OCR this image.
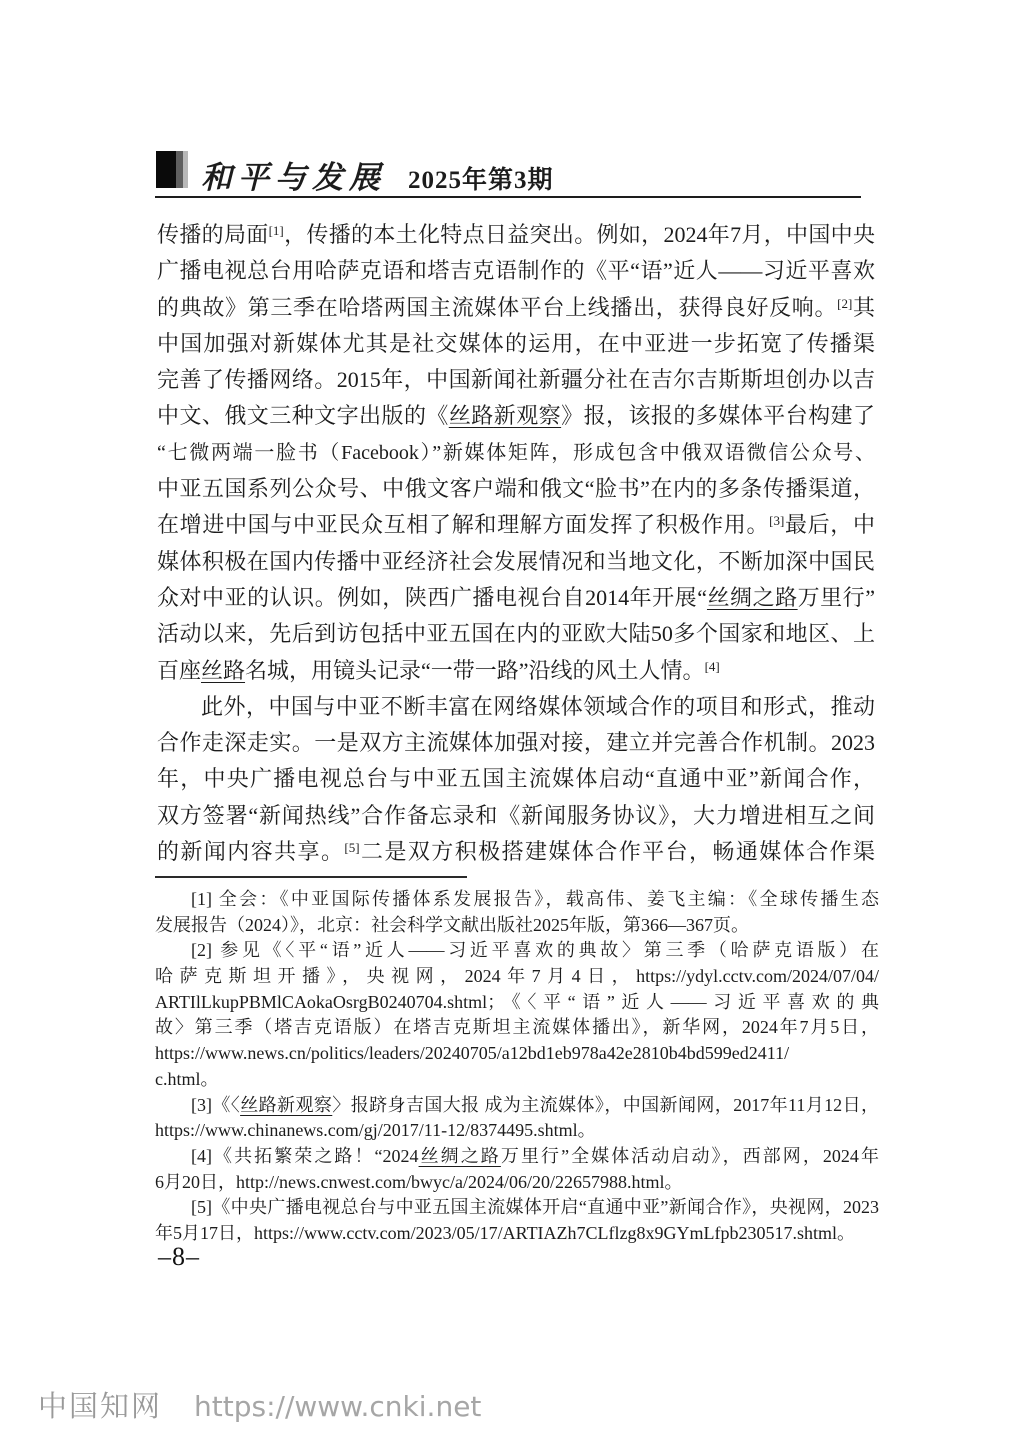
和平与发展 2025年第3期
传播的局面[1]，传播的本土化特点日益突出。例如，2024年7月，中国中央
广播电视总台用哈萨克语和塔吉克语制作的《平“语”近人——习近平喜欢
的典故》第三季在哈塔两国主流媒体平台上线播出，获得良好反响。[2]其
中国加强对新媒体尤其是社交媒体的运用，在中亚进一步拓宽了传播渠
完善了传播网络。2015年，中国新闻社新疆分社在吉尔吉斯斯坦创办以吉
中文、俄文三种文字出版的《丝路新观察》报，该报的多媒体平台构建了
“七微两端一脸书（Facebook）”新媒体矩阵，形成包含中俄双语微信公众号、
中亚五国系列公众号、中俄文客户端和俄文“脸书”在内的多条传播渠道，
在增进中国与中亚民众互相了解和理解方面发挥了积极作用。[3]最后，中
媒体积极在国内传播中亚经济社会发展情况和当地文化，不断加深中国民
众对中亚的认识。例如，陕西广播电视台自2014年开展“丝绸之路万里行”
活动以来，先后到访包括中亚五国在内的亚欧大陆50多个国家和地区、上
百座丝路名城，用镜头记录“一带一路”沿线的风土人情。[4]
此外，中国与中亚不断丰富在网络媒体领域合作的项目和形式，推动
合作走深走实。一是双方主流媒体加强对接，建立并完善合作机制。2023
年，中央广播电视总台与中亚五国主流媒体启动“直通中亚”新闻合作，
双方签署“新闻热线”合作备忘录和《新闻服务协议》，大力增进相互之间
的新闻内容共享。[5]二是双方积极搭建媒体合作平台，畅通媒体合作渠
[1] 全会：《中亚国际传播体系发展报告》，载高伟、姜飞主编：《全球传播生态
发展报告（2024）》，北京：社会科学文献出版社2025年版，第366—367页。
[2] 参见《〈平“语”近人——习近平喜欢的典故〉第三季（哈萨克语版）在
哈萨克斯坦开播》，央视网，2024年7月4日，https://ydyl.cctv.com/2024/07/04/
ARTIlLkupPBMlCAokaOsrgB0240704.shtml；《〈平“语”近人——习近平喜欢的典
故〉第三季（塔吉克语版）在塔吉克斯坦主流媒体播出》，新华网，2024年7月5日，
https://www.news.cn/politics/leaders/20240705/a12bd1eb978a42e2810b4bd599ed2411/
c.html。
[3]《〈丝路新观察〉报跻身吉国大报 成为主流媒体》，中国新闻网，2017年11月12日，
https://www.chinanews.com/gj/2017/11-12/8374495.shtml。
[4]《共拓繁荣之路！“2024丝绸之路万里行”全媒体活动启动》，西部网，2024年
6月20日，http://news.cnwest.com/bwyc/a/2024/06/20/22657988.html。
[5]《中央广播电视总台与中亚五国主流媒体开启“直通中亚”新闻合作》，央视网，2023
年5月17日，https://www.cctv.com/2023/05/17/ARTIAZh7CLflzg8x9GYmLfpb230517.shtml。
–8–
中国知网 https://www.cnki.net
